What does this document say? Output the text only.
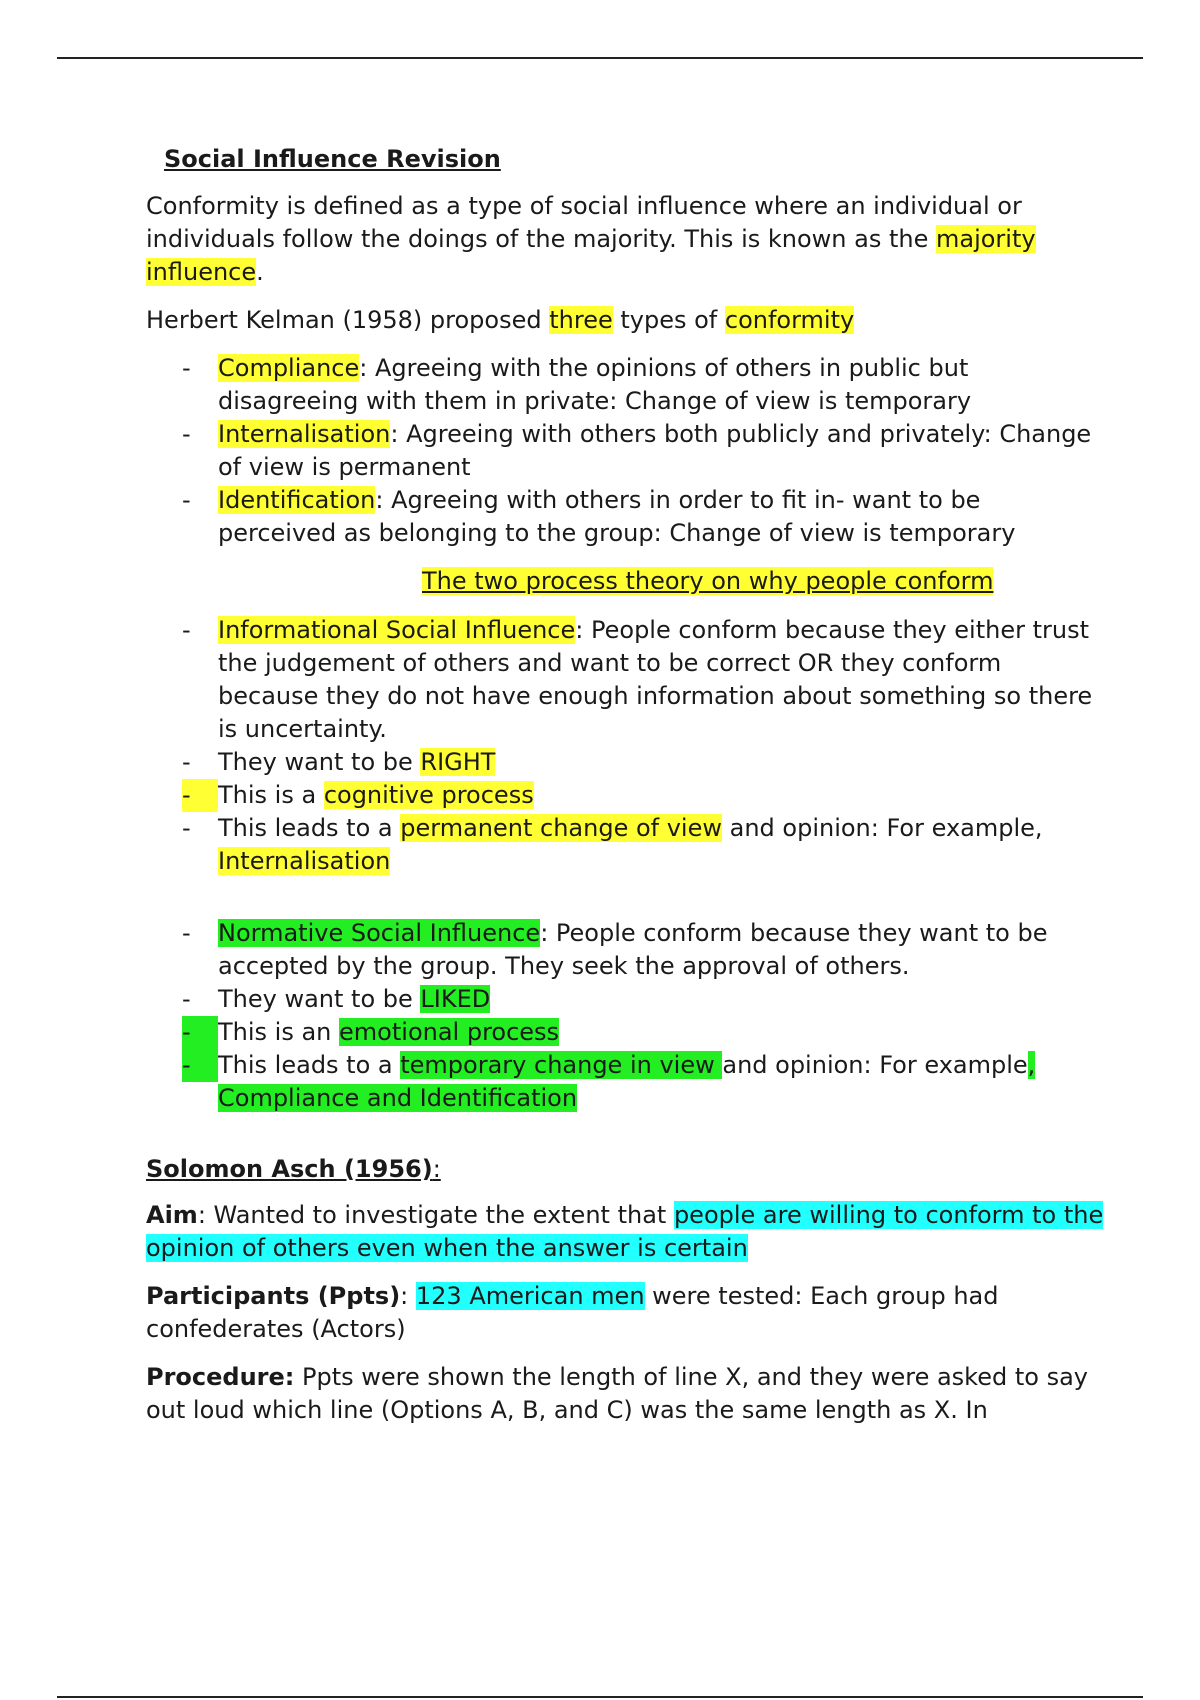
Social Influence Revision

Conformity is defined as a type of social influence where an individual or individuals follow the doings of the majority. This is known as the majority influence.

Herbert Kelman (1958) proposed three types of conformity

-	Compliance: Agreeing with the opinions of others in public but disagreeing with them in private: Change of view is temporary
-	Internalisation: Agreeing with others both publicly and privately: Change of view is permanent
-	Identification: Agreeing with others in order to fit in- want to be perceived as belonging to the group: Change of view is temporary
The two process theory on why people conform
-	Informational Social Influence: People conform because they either trust the judgement of others and want to be correct OR they conform because they do not have enough information about something so there is uncertainty.
-	They want to be RIGHT
-	This is a cognitive process
-	This leads to a permanent change of view and opinion: For example, Internalisation
-	Normative Social Influence: People conform because they want to be accepted by the group. They seek the approval of others.
-	They want to be LIKED
-	This is an emotional process
-	This leads to a temporary change in view and opinion: For example,
Compliance and Identification
Solomon Asch (1956):

Aim: Wanted to investigate the extent that people are willing to conform to the opinion of others even when the answer is certain

Participants (Ppts): 123 American men were tested: Each group had confederates (Actors)

Procedure: Ppts were shown the length of line X, and they were asked to say out loud which line (Options A, B, and C) was the same length as X. In
